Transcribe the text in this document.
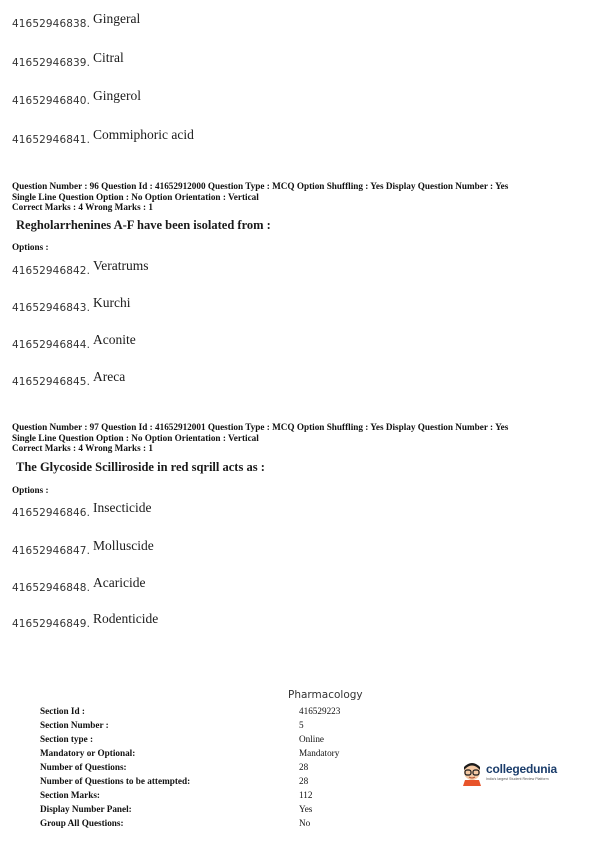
41652946838. $^{Gingeral}$
41652946839. $^{Citral}$
41652946840. $^{Gingerol}$
41652946841. $^{Commiphoric acid}$
Question Number : 96 Question Id : 41652912000 Question Type : MCQ Option Shuffling : Yes Display Question Number : Yes
Single Line Question Option : No Option Orientation : Vertical
Correct Marks : 4 Wrong Marks : 1
Regholarrhenines A-F have been isolated from :
Options :
41652946842. $^{Veratrums}$
41652946843. $^{Kurchi}$
41652946844. $^{Aconite}$
41652946845. $^{Areca}$
Question Number : 97 Question Id : 41652912001 Question Type : MCQ Option Shuffling : Yes Display Question Number : Yes
Single Line Question Option : No Option Orientation : Vertical
Correct Marks : 4 Wrong Marks : 1
The Glycoside Scilliroside in red sqrill acts as :
Options :
41652946846. $^{Insecticide}$
41652946847. $^{Molluscide}$
41652946848. $^{Acaricide}$
41652946849. $^{Rodenticide}$
Pharmacology
Section Id :	416529223
Section Number :	5
Section type :	Online
Mandatory or Optional:	Mandatory
Number of Questions:	28
Number of Questions to be attempted:	28
Section Marks:	112
Display Number Panel:	Yes
Group All Questions:	No
collegedunia
India's largest Student Review Platform
